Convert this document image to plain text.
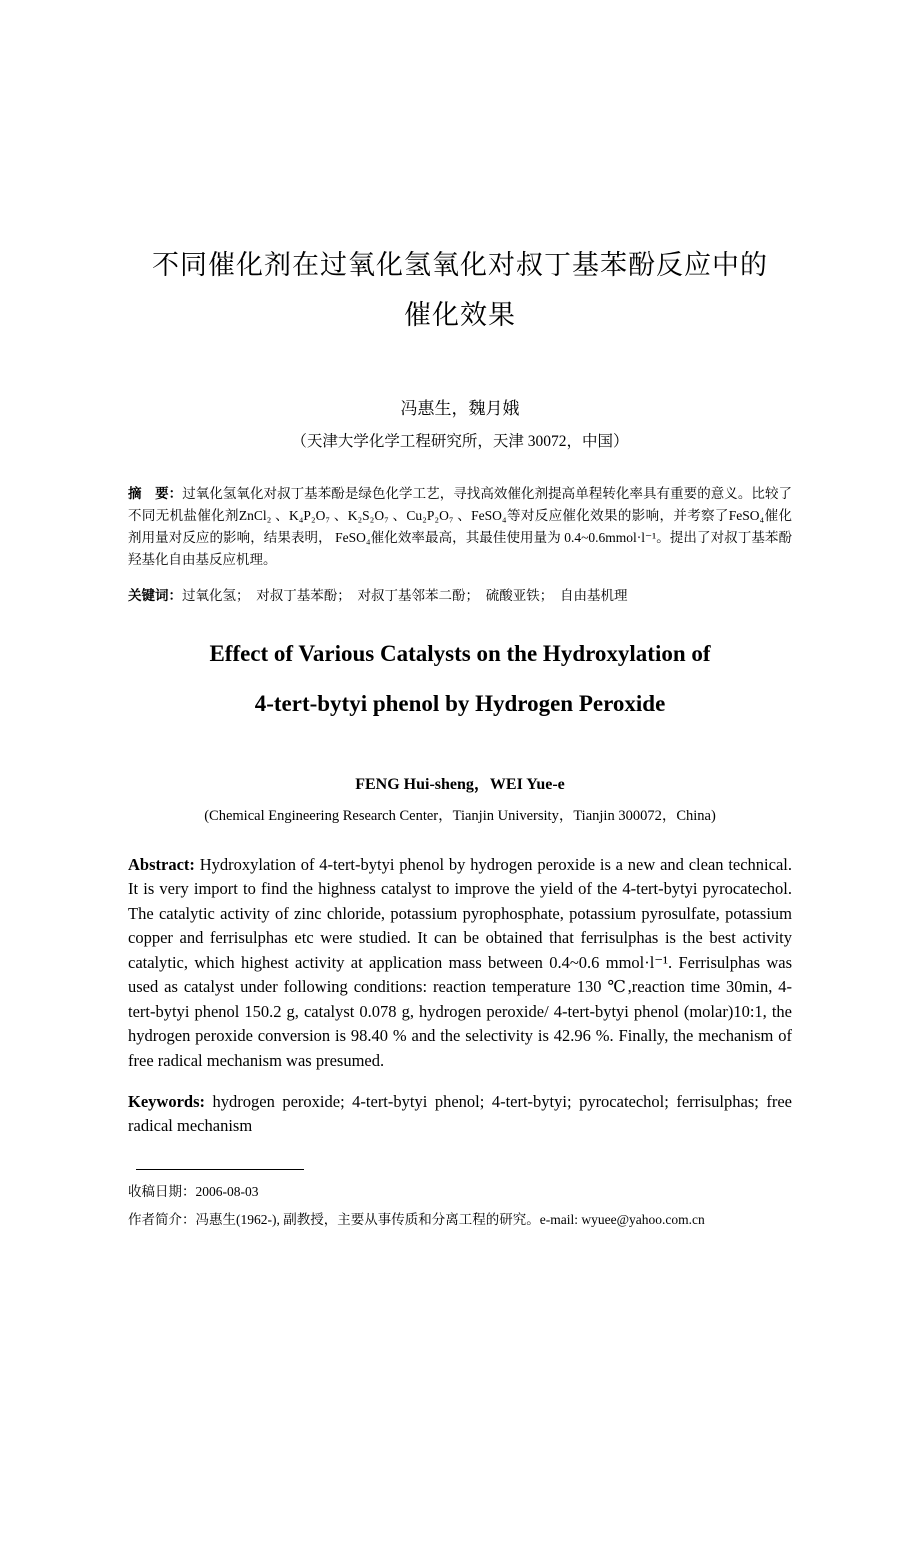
不同催化剂在过氧化氢氧化对叔丁基苯酚反应中的
催化效果
冯惠生，魏月娥
（天津大学化学工程研究所，天津 30072，中国）

摘　要：过氧化氢氧化对叔丁基苯酚是绿色化学工艺，寻找高效催化剂提高单程转化率具有重要的意义。比较了不同无机盐催化剂ZnCl₂ 、K₄P₂O₇ 、K₂S₂O₇ 、Cu₂P₂O₇ 、FeSO₄等对反应催化效果的影响，并考察了FeSO₄催化剂用量对反应的影响，结果表明， FeSO₄催化效率最高，其最佳使用量为 0.4~0.6mmol·l⁻¹。提出了对叔丁基苯酚羟基化自由基反应机理。

关键词：过氧化氢；　对叔丁基苯酚；　对叔丁基邻苯二酚；　硫酸亚铁；　自由基机理

Effect of Various Catalysts on the Hydroxylation of
4-tert-bytyi phenol by Hydrogen Peroxide
FENG Hui-sheng，WEI Yue-e
(Chemical Engineering Research Center，Tianjin University，Tianjin 300072，China)

Abstract: Hydroxylation of 4-tert-bytyi phenol by hydrogen peroxide is a new and clean technical. It is very import to find the highness catalyst to improve the yield of the 4-tert-bytyi pyrocatechol. The catalytic activity of zinc chloride, potassium pyrophosphate, potassium pyrosulfate, potassium copper and ferrisulphas etc were studied. It can be obtained that ferrisulphas is the best activity catalytic, which highest activity at application mass between 0.4~0.6 mmol·l⁻¹. Ferrisulphas was used as catalyst under following conditions: reaction temperature 130 ℃,reaction time 30min, 4-tert-bytyi phenol 150.2 g, catalyst 0.078 g, hydrogen peroxide/ 4-tert-bytyi phenol (molar)10:1, the hydrogen peroxide conversion is 98.40 % and the selectivity is 42.96 %. Finally, the mechanism of free radical mechanism was presumed.

Keywords: hydrogen peroxide; 4-tert-bytyi phenol; 4-tert-bytyi; pyrocatechol; ferrisulphas; free radical mechanism

收稿日期：2006-08-03
作者简介：冯惠生(1962-), 副教授，主要从事传质和分离工程的研究。e-mail: wyuee@yahoo.com.cn
